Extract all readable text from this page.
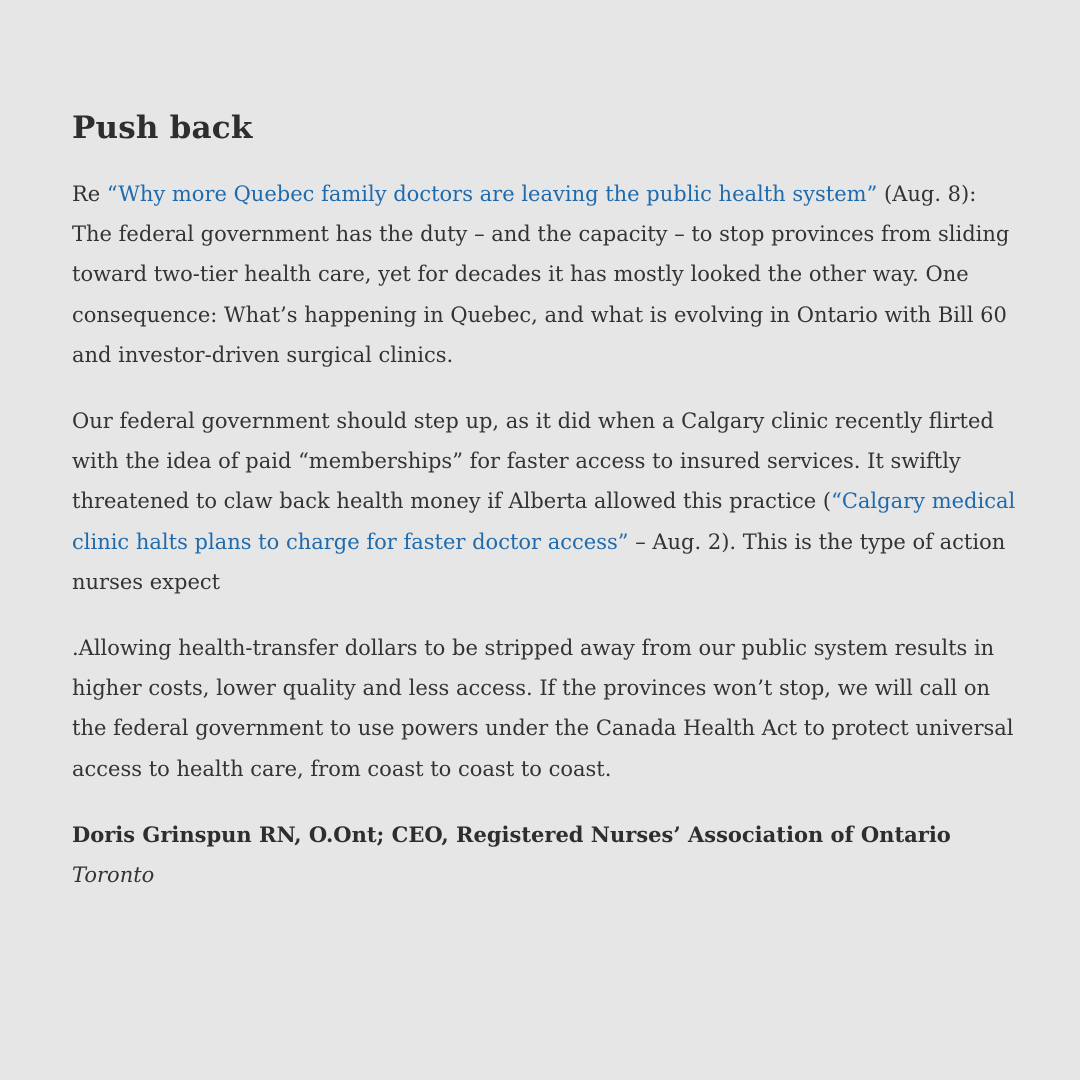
Push back

Re “Why more Quebec family doctors are leaving the public health system” (Aug. 8): The federal government has the duty – and the capacity – to stop provinces from sliding toward two-tier health care, yet for decades it has mostly looked the other way. One consequence: What’s happening in Quebec, and what is evolving in Ontario with Bill 60 and investor-driven surgical clinics.

Our federal government should step up, as it did when a Calgary clinic recently flirted with the idea of paid “memberships” for faster access to insured services. It swiftly threatened to claw back health money if Alberta allowed this practice (“Calgary medical clinic halts plans to charge for faster doctor access” – Aug. 2). This is the type of action nurses expect

.Allowing health-transfer dollars to be stripped away from our public system results in higher costs, lower quality and less access. If the provinces won’t stop, we will call on the federal government to use powers under the Canada Health Act to protect universal access to health care, from coast to coast to coast.

Doris Grinspun RN, O.Ont; CEO, Registered Nurses’ Association of Ontario

Toronto
